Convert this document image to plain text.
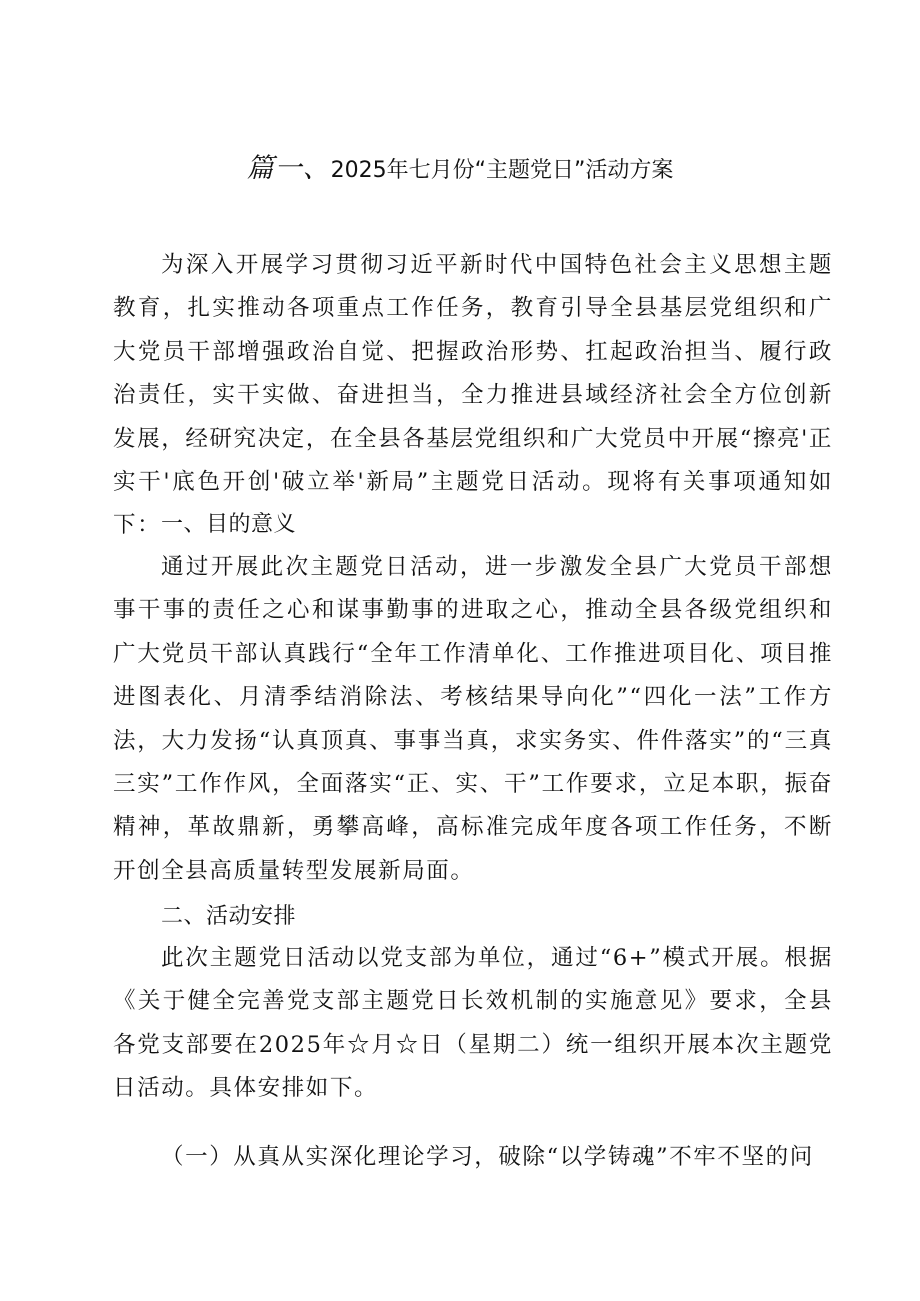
篇一、2025年七月份“主题党日”活动方案

为深入开展学习贯彻习近平新时代中国特色社会主义思想主题教育，扎实推动各项重点工作任务，教育引导全县基层党组织和广大党员干部增强政治自觉、把握政治形势、扛起政治担当、履行政治责任，实干实做、奋进担当，全力推进县域经济社会全方位创新发展，经研究决定，在全县各基层党组织和广大党员中开展“擦亮'正实干'底色开创'破立举'新局”主题党日活动。现将有关事项通知如下： 一、目的意义

通过开展此次主题党日活动，进一步激发全县广大党员干部想事干事的责任之心和谋事勤事的进取之心，推动全县各级党组织和广大党员干部认真践行“全年工作清单化、工作推进项目化、项目推进图表化、月清季结消除法、考核结果导向化”“四化一法”工作方法，大力发扬“认真顶真、事事当真，求实务实、件件落实”的“三真三实”工作作风，全面落实“正、实、干”工作要求，立足本职，振奋精神，革故鼎新，勇攀高峰，高标准完成年度各项工作任务，不断开创全县高质量转型发展新局面。

二、活动安排

此次主题党日活动以党支部为单位，通过“6+”模式开展。根据《关于健全完善党支部主题党日长效机制的实施意见》要求，全县各党支部要在2025年☆月☆日（星期二）统一组织开展本次主题党日活动。具体安排如下。

（一）从真从实深化理论学习，破除“以学铸魂”不牢不坚的问
